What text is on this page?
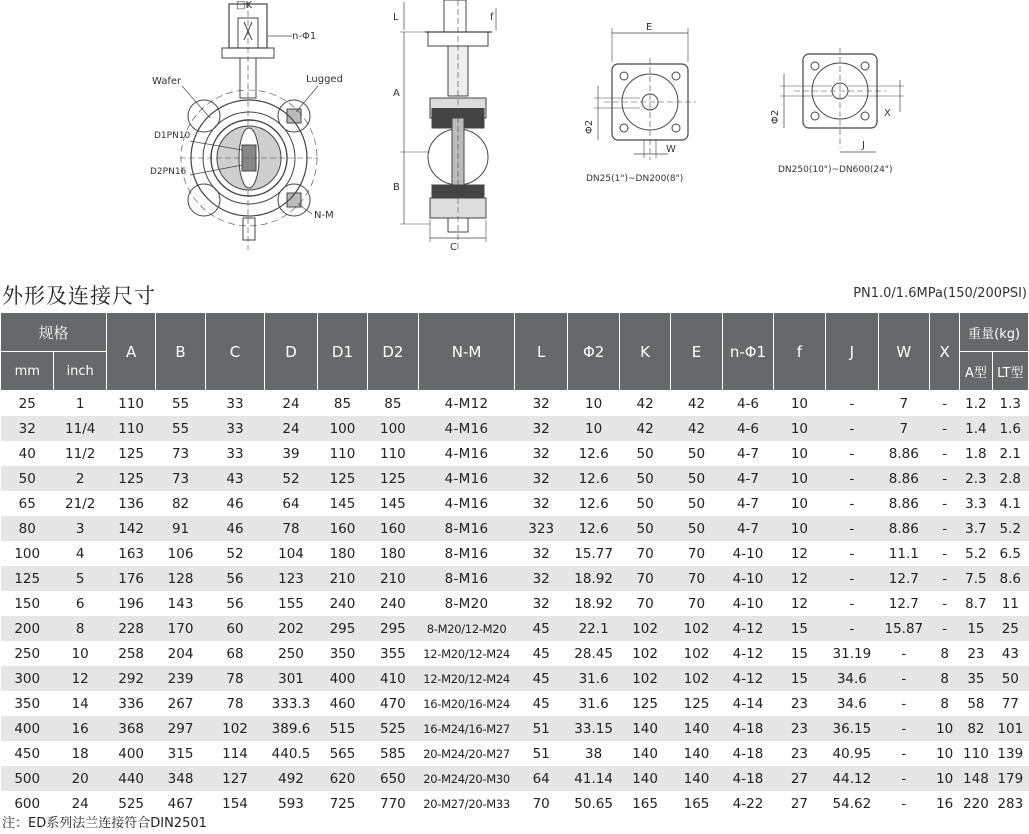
□K
n-Φ1
Wafer	Lugged
D1PN10
D2PN16
N-M
L	f
A
B
C
E
Φ2
W
DN25(1")~DN200(8")
Φ2	X
J
DN250(10")~DN600(24")
外形及连接尺寸	PN1.0/1.6MPa(150/200PSI)
规格		A	B	C	D	D1	D2	N-M	L	Φ2	K	E	n-Φ1	f	J	W	X	重量(kg)	
mm	inch																	A型	LT型
25	1	110	55	33	24	85	85	4-M12	32	10	42	42	4-6	10	-	7	-	1.2	1.3
32	11/4	110	55	33	24	100	100	4-M16	32	10	42	42	4-6	10	-	7	-	1.4	1.6
40	11/2	125	73	33	39	110	110	4-M16	32	12.6	50	50	4-7	10	-	8.86	-	1.8	2.1
50	2	125	73	43	52	125	125	4-M16	32	12.6	50	50	4-7	10	-	8.86	-	2.3	2.8
65	21/2	136	82	46	64	145	145	4-M16	32	12.6	50	50	4-7	10	-	8.86	-	3.3	4.1
80	3	142	91	46	78	160	160	8-M16	323	12.6	50	50	4-7	10	-	8.86	-	3.7	5.2
100	4	163	106	52	104	180	180	8-M16	32	15.77	70	70	4-10	12	-	11.1	-	5.2	6.5
125	5	176	128	56	123	210	210	8-M16	32	18.92	70	70	4-10	12	-	12.7	-	7.5	8.6
150	6	196	143	56	155	240	240	8-M20	32	18.92	70	70	4-10	12	-	12.7	-	8.7	11
200	8	228	170	60	202	295	295	8-M20/12-M20	45	22.1	102	102	4-12	15	-	15.87	-	15	25
250	10	258	204	68	250	350	355	12-M20/12-M24	45	28.45	102	102	4-12	15	31.19	-	8	23	43
300	12	292	239	78	301	400	410	12-M20/12-M24	45	31.6	102	102	4-12	15	34.6	-	8	35	50
350	14	336	267	78	333.3	460	470	16-M20/16-M24	45	31.6	125	125	4-14	23	34.6	-	8	58	77
400	16	368	297	102	389.6	515	525	16-M24/16-M27	51	33.15	140	140	4-18	23	36.15	-	10	82	101
450	18	400	315	114	440.5	565	585	20-M24/20-M27	51	38	140	140	4-18	23	40.95	-	10	110	139
500	20	440	348	127	492	620	650	20-M24/20-M30	64	41.14	140	140	4-18	27	44.12	-	10	148	179
600	24	525	467	154	593	725	770	20-M27/20-M33	70	50.65	165	165	4-22	27	54.62	-	16	220	283
注：ED系列法兰连接符合DIN2501
